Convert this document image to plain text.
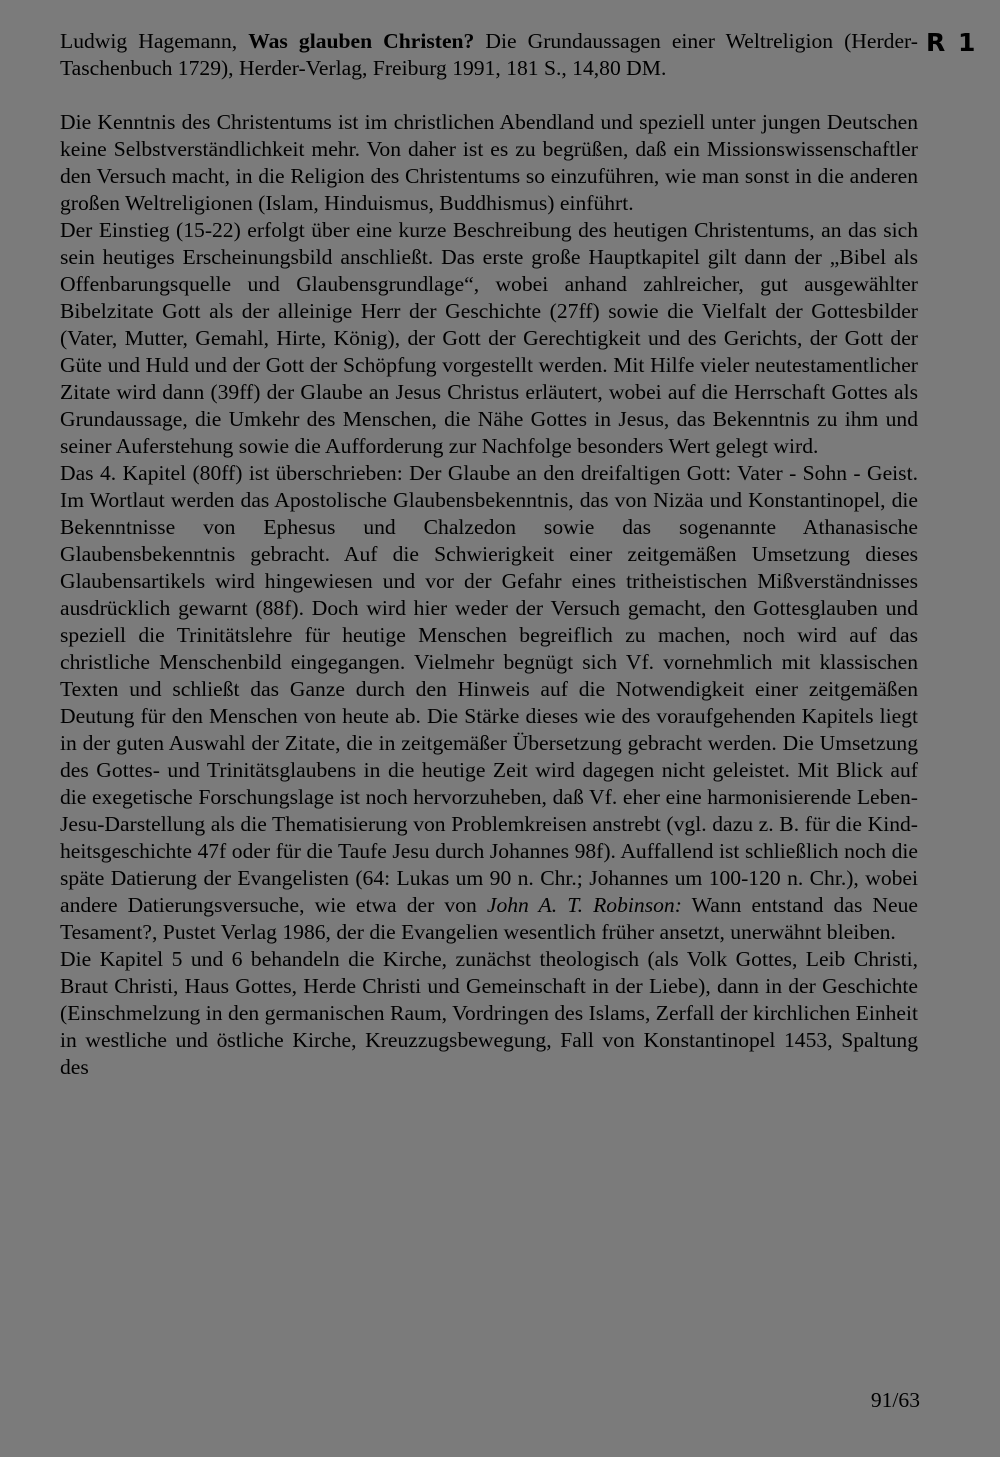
R 1

Ludwig Hagemann, Was glauben Christen? Die Grundaussagen einer Weltreligion (Herder-Taschenbuch 1729), Herder-Verlag, Freiburg 1991, 181 S., 14,80 DM.

Die Kenntnis des Christentums ist im christlichen Abendland und speziell unter jungen Deutschen keine Selbstverständlichkeit mehr. Von daher ist es zu begrüßen, daß ein Missionswissenschaftler den Versuch macht, in die Religion des Christentums so einzuführen, wie man sonst in die anderen großen Weltreligionen (Islam, Hinduismus, Buddhismus) einführt.

Der Einstieg (15-22) erfolgt über eine kurze Beschreibung des heutigen Christentums, an das sich sein heutiges Erscheinungsbild anschließt. Das erste große Hauptkapitel gilt dann der „Bibel als Offenbarungsquelle und Glaubensgrundlage“, wobei anhand zahlreicher, gut ausgewählter Bibelzitate Gott als der alleinige Herr der Geschichte (27ff) sowie die Vielfalt der Gottesbilder (Vater, Mutter, Gemahl, Hirte, König), der Gott der Gerechtigkeit und des Gerichts, der Gott der Güte und Huld und der Gott der Schöpfung vorgestellt werden. Mit Hilfe vieler neutestamentlicher Zitate wird dann (39ff) der Glaube an Jesus Christus erläutert, wobei auf die Herrschaft Gottes als Grundaussage, die Umkehr des Menschen, die Nähe Gottes in Jesus, das Bekenntnis zu ihm und seiner Auferstehung sowie die Aufforderung zur Nachfolge besonders Wert gelegt wird.

Das 4. Kapitel (80ff) ist überschrieben: Der Glaube an den dreifaltigen Gott: Vater - Sohn - Geist. Im Wortlaut werden das Apostolische Glaubensbekenntnis, das von Nizäa und Konstantinopel, die Bekenntnisse von Ephesus und Chalzedon sowie das sogenannte Athanasische Glaubensbekenntnis gebracht. Auf die Schwierigkeit einer zeitgemäßen Umsetzung dieses Glaubensartikels wird hingewiesen und vor der Gefahr eines tritheistischen Mißverständnisses ausdrücklich gewarnt (88f). Doch wird hier weder der Versuch gemacht, den Gottesglauben und speziell die Trinitätslehre für heutige Menschen begreiflich zu machen, noch wird auf das christliche Menschenbild eingegangen. Vielmehr begnügt sich Vf. vornehmlich mit klassischen Texten und schließt das Ganze durch den Hinweis auf die Notwendigkeit einer zeitgemäßen Deutung für den Menschen von heute ab. Die Stärke dieses wie des voraufgehenden Kapitels liegt in der guten Auswahl der Zitate, die in zeitgemäßer Übersetzung gebracht werden. Die Umsetzung des Gottes- und Trinitätsglaubens in die heutige Zeit wird dagegen nicht geleistet. Mit Blick auf die exegetische Forschungslage ist noch hervorzuheben, daß Vf. eher eine harmonisierende Leben-Jesu-Darstellung als die Thematisierung von Problemkreisen anstrebt (vgl. dazu z. B. für die Kindheitsgeschichte 47f oder für die Taufe Jesu durch Johannes 98f). Auffallend ist schließlich noch die späte Datierung der Evangelisten (64: Lukas um 90 n. Chr.; Johannes um 100-120 n. Chr.), wobei andere Datierungsversuche, wie etwa der von John A. T. Robinson: Wann entstand das Neue Tesament?, Pustet Verlag 1986, der die Evangelien wesentlich früher ansetzt, unerwähnt bleiben.

Die Kapitel 5 und 6 behandeln die Kirche, zunächst theologisch (als Volk Gottes, Leib Christi, Braut Christi, Haus Gottes, Herde Christi und Gemeinschaft in der Liebe), dann in der Geschichte (Einschmelzung in den germanischen Raum, Vordringen des Islams, Zerfall der kirchlichen Einheit in westliche und östliche Kirche, Kreuzzugsbewegung, Fall von Konstantinopel 1453, Spaltung des

91/63
